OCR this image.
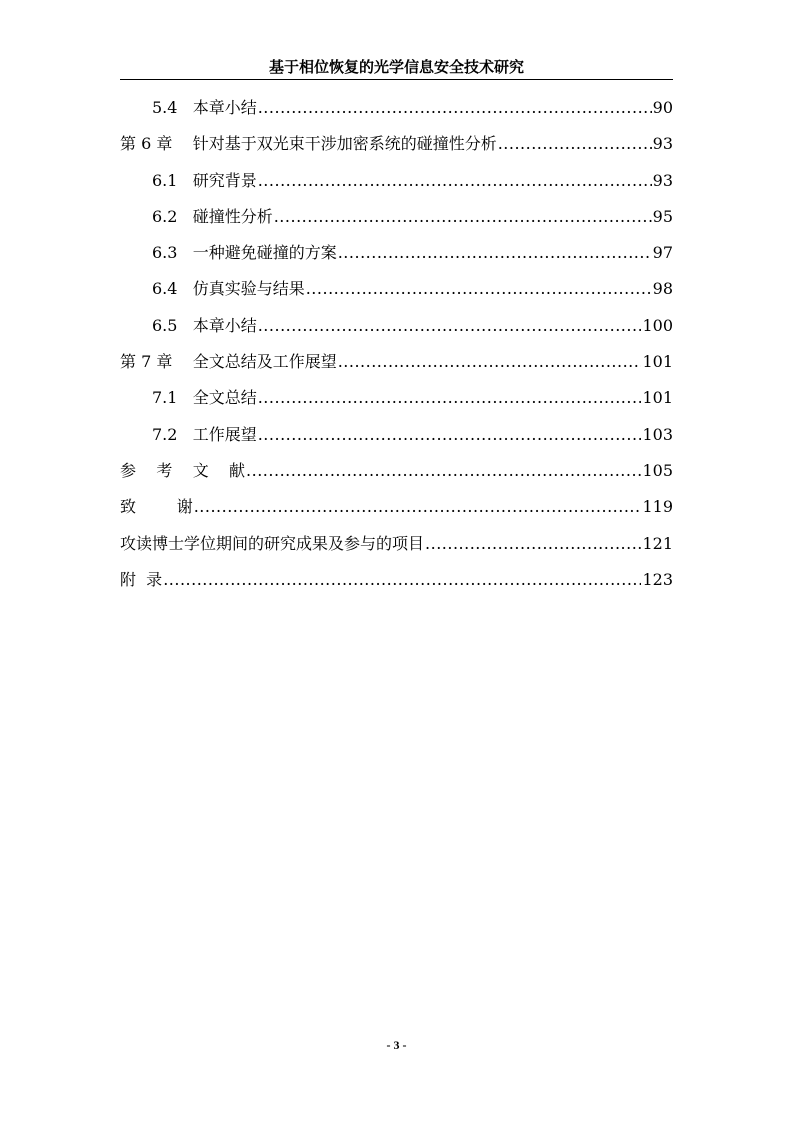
基于相位恢复的光学信息安全技术研究
5.4   本章小结 .....	90
第 6 章    针对基于双光束干涉加密系统的碰撞性分析 .....	93
6.1   研究背景 .....	93
6.2   碰撞性分析 .....	95
6.3   一种避免碰撞的方案 .....	97
6.4   仿真实验与结果 .....	98
6.5   本章小结 .....	100
第 7 章    全文总结及工作展望 .....	101
7.1   全文总结 .....	101
7.2   工作展望 .....	103
参    考    文    献 .....	105
致        谢 .....	119
攻读博士学位期间的研究成果及参与的项目 .....	121
附  录 .....	123
- 3 -
